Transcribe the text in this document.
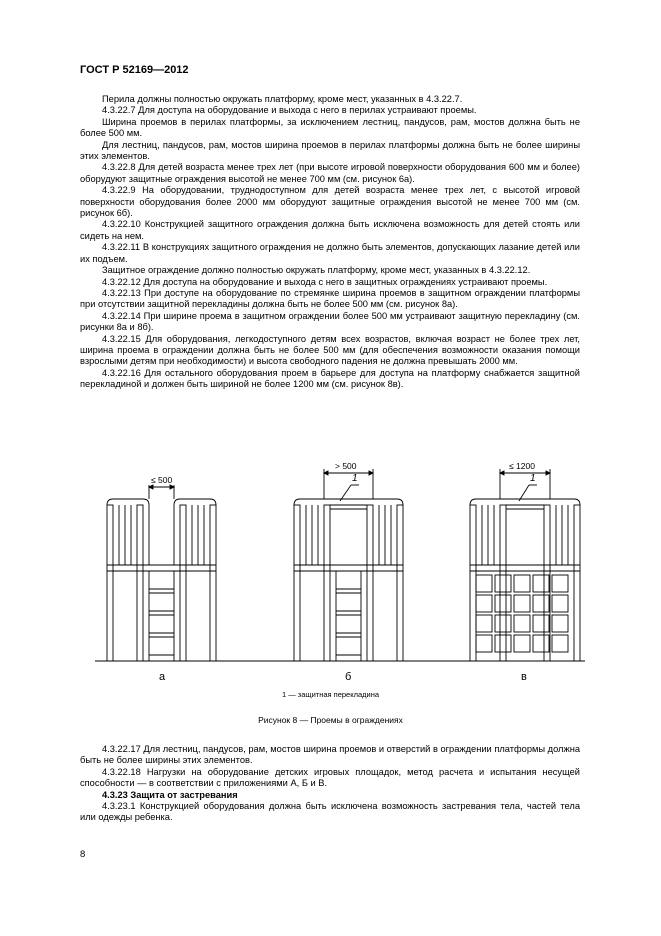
ГОСТ Р 52169—2012

Перила должны полностью окружать платформу, кроме мест, указанных в 4.3.22.7.

4.3.22.7 Для доступа на оборудование и выхода с него в перилах устраивают проемы.

Ширина проемов в перилах платформы, за исключением лестниц, пандусов, рам, мостов должна быть не более 500 мм.

Для лестниц, пандусов, рам, мостов ширина проемов в перилах платформы должна быть не более ширины этих элементов.

4.3.22.8 Для детей возраста менее трех лет (при высоте игровой поверхности оборудования 600 мм и более) оборудуют защитные ограждения высотой не менее 700 мм (см. рисунок 6а).

4.3.22.9 На оборудовании, труднодоступном для детей возраста менее трех лет, с высотой игровой поверхности оборудования более 2000 мм оборудуют защитные ограждения высотой не менее 700 мм (см. рисунок 6б).

4.3.22.10 Конструкцией защитного ограждения должна быть исключена возможность для детей стоять или сидеть на нем.

4.3.22.11 В конструкциях защитного ограждения не должно быть элементов, допускающих лазание детей или их подъем.

Защитное ограждение должно полностью окружать платформу, кроме мест, указанных в 4.3.22.12.

4.3.22.12 Для доступа на оборудование и выхода с него в защитных ограждениях устраивают проемы.

4.3.22.13 При доступе на оборудование по стремянке ширина проемов в защитном ограждении платформы при отсутствии защитной перекладины должна быть не более 500 мм (см. рисунок 8а).

4.3.22.14 При ширине проема в защитном ограждении более 500 мм устраивают защитную перекладину (см. рисунки 8а и 8б).

4.3.22.15 Для оборудования, легкодоступного детям всех возрастов, включая возраст не более трех лет, ширина проема в ограждении должна быть не более 500 мм (для обеспечения возможности оказания помощи взрослыми детям при необходимости) и высота свободного падения не должна превышать 2000 мм.

4.3.22.16 Для остального оборудования проем в барьере для доступа на платформу снабжается защитной перекладиной и должен быть шириной не более 1200 мм (см. рисунок 8в).

≤ 500
> 500	≤ 1200
1	1
а	б	в
1 — защитная перекладина
Рисунок 8 — Проемы в ограждениях

4.3.22.17 Для лестниц, пандусов, рам, мостов ширина проемов и отверстий в ограждении платформы должна быть не более ширины этих элементов.

4.3.22.18 Нагрузки на оборудование детских игровых площадок, метод расчета и испытания несущей способности — в соответствии с приложениями А, Б и В.

4.3.23 Защита от застревания

4.3.23.1 Конструкцией оборудования должна быть исключена возможность застревания тела, частей тела или одежды ребенка.

8
